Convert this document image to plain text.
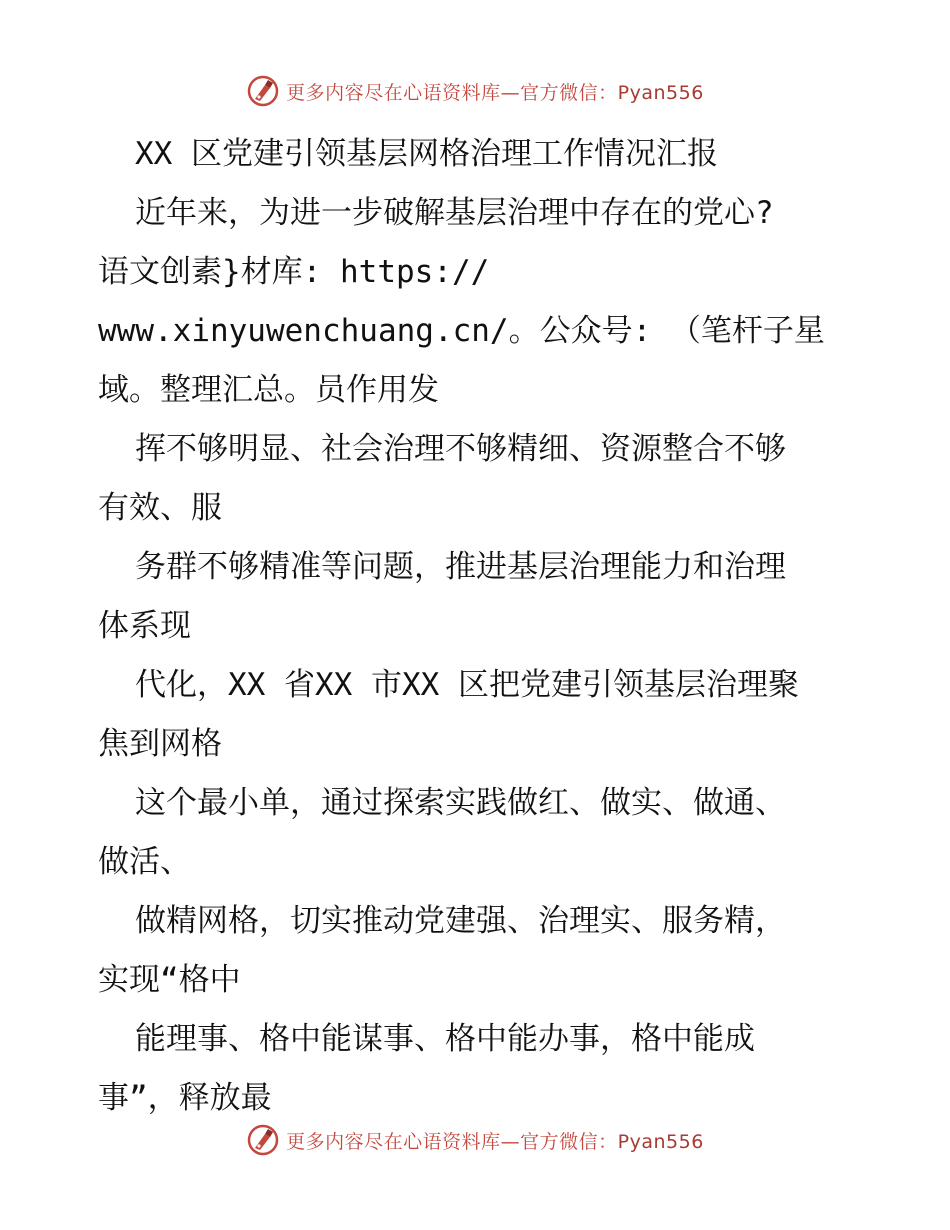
更多内容尽在心语资料库—官方微信：Pyan556
XX 区党建引领基层网格治理工作情况汇报
近年来，为进一步破解基层治理中存在的党心?
语文创素}材库: https://
www.xinyuwenchuang.cn/。公众号: （笔杆子星
域。整理汇总。员作用发
挥不够明显、社会治理不够精细、资源整合不够
有效、服
务群不够精准等问题，推进基层治理能力和治理
体系现
代化，XX 省XX 市XX 区把党建引领基层治理聚
焦到网格
这个最小单，通过探索实践做红、做实、做通、
做活、
做精网格，切实推动党建强、治理实、服务精，
实现“格中
能理事、格中能谋事、格中能办事，格中能成
事”，释放最
更多内容尽在心语资料库—官方微信：Pyan556
